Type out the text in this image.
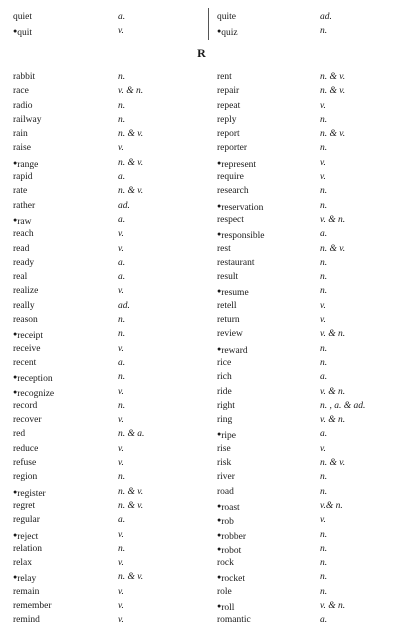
quiet	a.
●quit	v.
quite	ad.
●quiz	n.
R
rabbit	n.
race	v. & n.
radio	n.
railway	n.
rain	n. & v.
raise	v.
●range	n. & v.
rapid	a.
rate	n. & v.
rather	ad.
●raw	a.
reach	v.
read	v.
ready	a.
real	a.
realize	v.
really	ad.
reason	n.
●receipt	n.
receive	v.
recent	a.
●reception	n.
●recognize	v.
record	n.
recover	v.
red	n. & a.
reduce	v.
refuse	v.
region	n.
●register	n. & v.
regret	n. & v.
regular	a.
●reject	v.
relation	n.
relax	v.
●relay	n. & v.
remain	v.
remember	v.
remind	v.
rent	n. & v.
repair	n. & v.
repeat	v.
reply	n.
report	n. & v.
reporter	n.
●represent	v.
require	v.
research	n.
●reservation	n.
respect	v. & n.
●responsible	a.
rest	n. & v.
restaurant	n.
result	n.
●resume	n.
retell	v.
return	v.
review	v. & n.
●reward	n.
rice	n.
rich	a.
ride	v. & n.
right	n. , a. & ad.
ring	v. & n.
●ripe	a.
rise	v.
risk	n. & v.
river	n.
road	n.
●roast	v.& n.
●rob	v.
●robber	n.
●robot	n.
rock	n.
●rocket	n.
role	n.
●roll	v. & n.
romantic	a.
